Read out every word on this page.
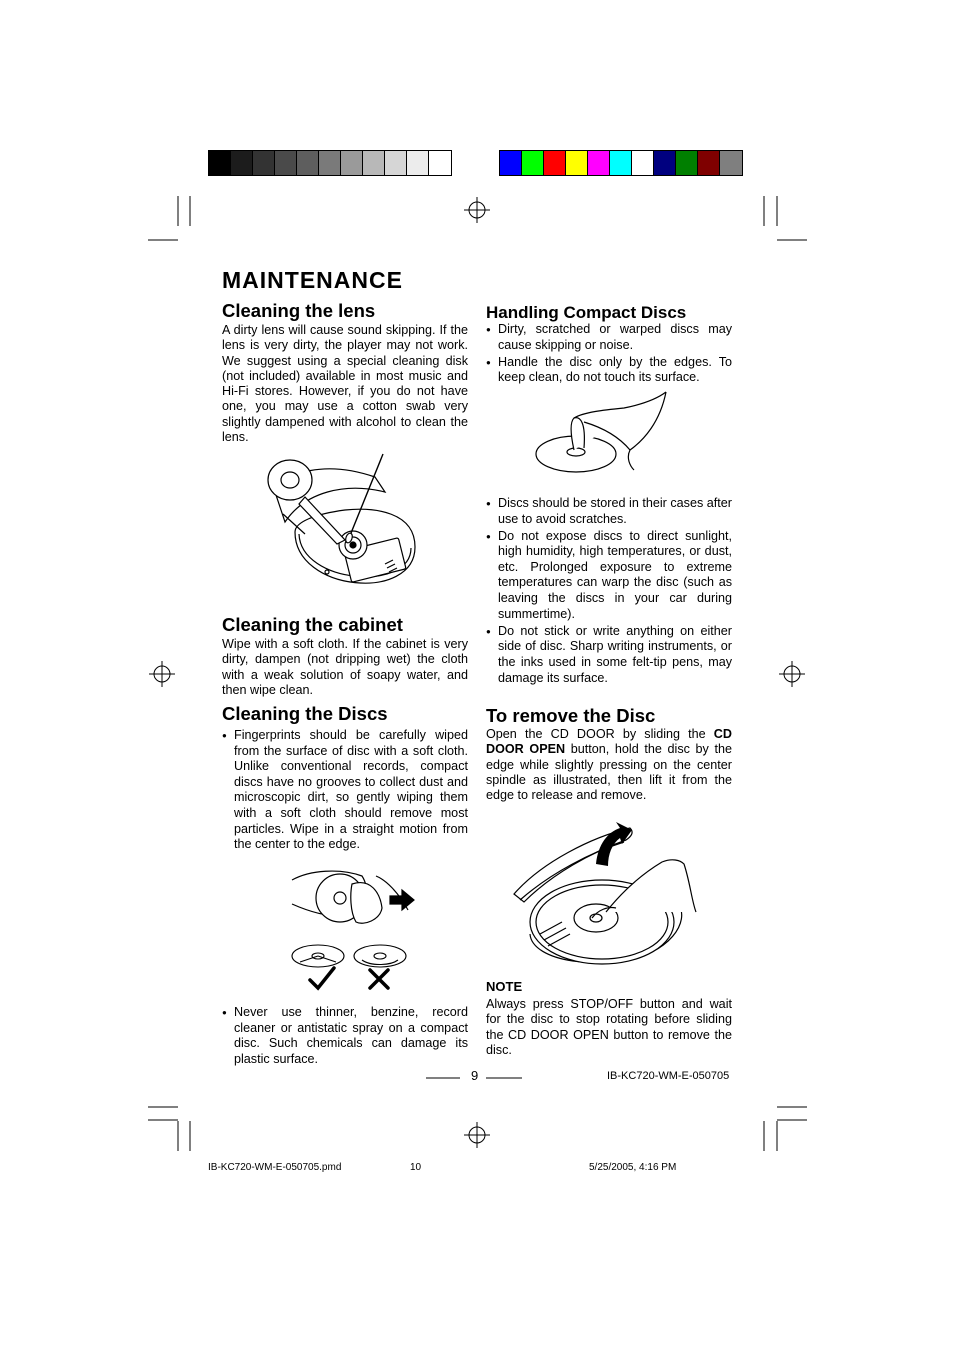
MAINTENANCE
Cleaning the lens

A dirty lens will cause sound skipping. If the lens is very dirty, the player may not work. We suggest using a special cleaning disk (not included) available in most music and Hi-Fi stores. However, if you do not have one, you may use a cotton swab very slightly dampened with alcohol to clean the lens.

Cleaning the cabinet

Wipe with a soft cloth. If the cabinet is very dirty, dampen (not dripping wet) the cloth with a weak solution of soapy water, and then wipe clean.

Cleaning the Discs
● Fingerprints should be carefully wiped from the surface of disc with a soft cloth. Unlike conventional records, compact discs have no grooves to collect dust and microscopic dirt, so gently wiping them with a soft cloth should remove most particles. Wipe in a straight motion from the center to the edge.
● Never use thinner, benzine, record cleaner or antistatic spray on a compact disc. Such chemicals can damage its plastic surface.
Handling Compact Discs
● Dirty, scratched or warped discs may cause skipping or noise.
● Handle the disc only by the edges. To keep clean, do not touch its surface.
● Discs should be stored in their cases after use to avoid scratches.
● Do not expose discs to direct sunlight, high humidity, high temperatures, or dust, etc. Prolonged exposure to extreme temperatures can warp the disc (such as leaving the discs in your car during summertime).
● Do not stick or write anything on either side of disc. Sharp writing instruments, or the inks used in some felt-tip pens, may damage its surface.
To remove the Disc

Open the CD DOOR by sliding the CD DOOR OPEN button, hold the disc by the edge while slightly pressing on the center spindle as illustrated, then lift it from the edge to release and remove.

NOTE

Always press STOP/OFF button and wait for the disc to stop rotating before sliding the CD DOOR OPEN button to remove the disc.

9	IB-KC720-WM-E-050705
IB-KC720-WM-E-050705.pmd	10	5/25/2005, 4:16 PM
